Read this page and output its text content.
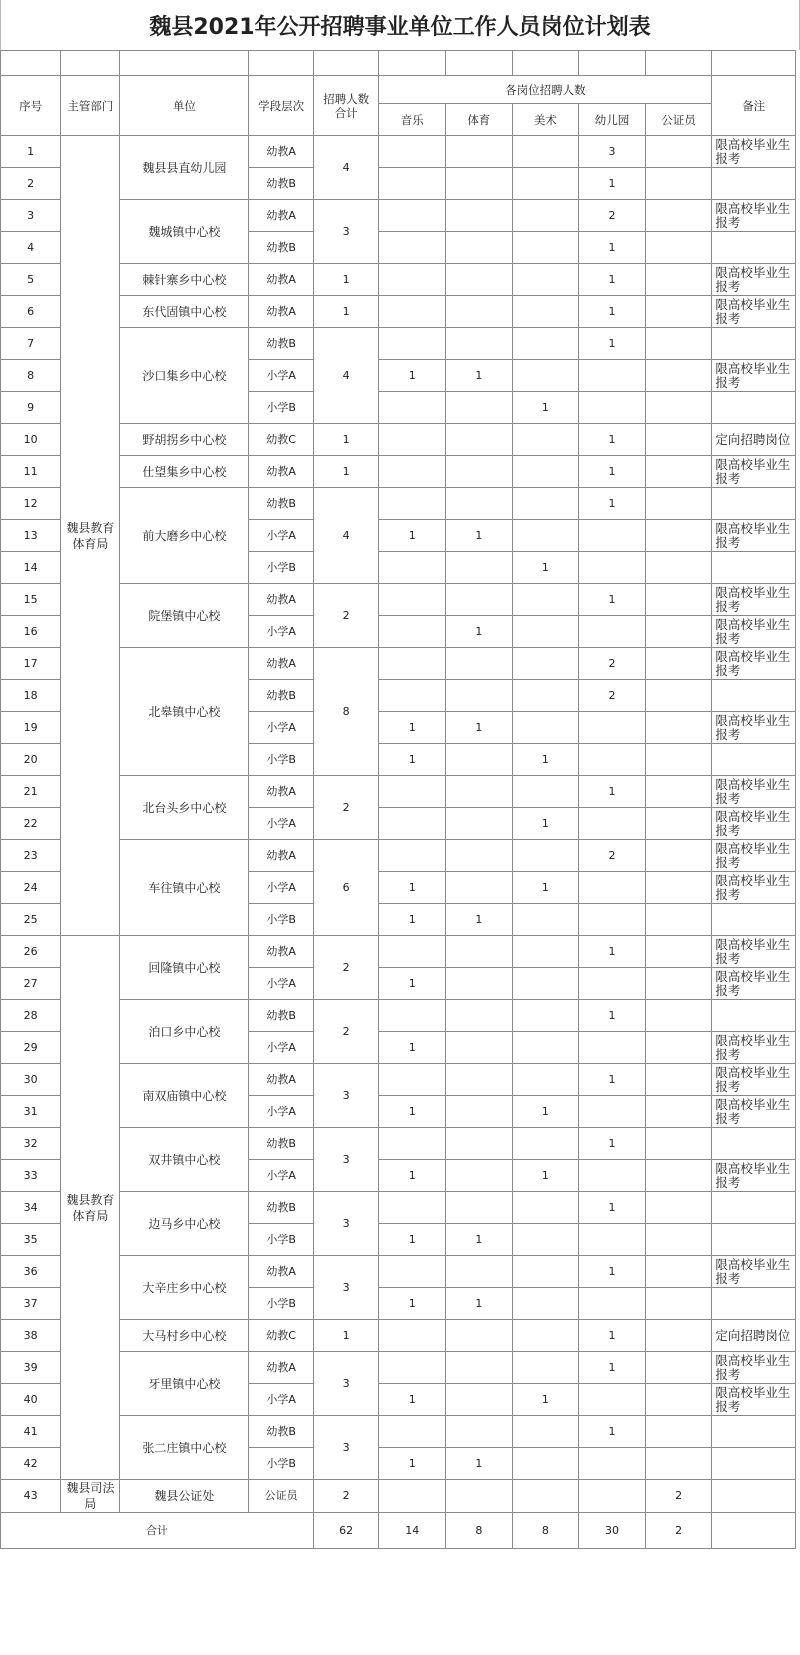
魏县2021年公开招聘事业单位工作人员岗位计划表

序号	主管部门	单位	学段层次	招聘人数合计	各岗位招聘人数					备注
					音乐	体育	美术	幼儿园	公证员	
1	魏县教育体育局	魏县县直幼儿园	幼教A	4				3		限高校毕业生报考
2			幼教B					1		
3		魏城镇中心校	幼教A	3				2		限高校毕业生报考
4			幼教B					1		
5		棘针寨乡中心校	幼教A	1				1		限高校毕业生报考
6		东代固镇中心校	幼教A	1				1		限高校毕业生报考
7		沙口集乡中心校	幼教B	4				1		
8			小学A		1	1				限高校毕业生报考
9			小学B				1			
10		野胡拐乡中心校	幼教C	1				1		定向招聘岗位
11		仕望集乡中心校	幼教A	1				1		限高校毕业生报考
12		前大磨乡中心校	幼教B	4				1		
13			小学A		1	1				限高校毕业生报考
14			小学B				1			
15		院堡镇中心校	幼教A	2				1		限高校毕业生报考
16			小学A			1				限高校毕业生报考
17		北皋镇中心校	幼教A	8				2		限高校毕业生报考
18			幼教B					2		
19			小学A		1	1				限高校毕业生报考
20			小学B		1		1			
21		北台头乡中心校	幼教A	2				1		限高校毕业生报考
22			小学A				1			限高校毕业生报考
23		车往镇中心校	幼教A	6				2		限高校毕业生报考
24			小学A		1		1			限高校毕业生报考
25			小学B		1	1				
26	魏县教育体育局	回隆镇中心校	幼教A	2				1		限高校毕业生报考
27			小学A		1					限高校毕业生报考
28		泊口乡中心校	幼教B	2				1		
29			小学A		1					限高校毕业生报考
30		南双庙镇中心校	幼教A	3				1		限高校毕业生报考
31			小学A		1		1			限高校毕业生报考
32		双井镇中心校	幼教B	3				1		
33			小学A		1		1			限高校毕业生报考
34		边马乡中心校	幼教B	3				1		
35			小学B		1	1				
36		大辛庄乡中心校	幼教A	3				1		限高校毕业生报考
37			小学B		1	1				
38		大马村乡中心校	幼教C	1				1		定向招聘岗位
39		牙里镇中心校	幼教A	3				1		限高校毕业生报考
40			小学A		1		1			限高校毕业生报考
41		张二庄镇中心校	幼教B	3				1		
42			小学B		1	1				
43	魏县司法局	魏县公证处	公证员	2					2	
合计				62	14	8	8	30	2	
